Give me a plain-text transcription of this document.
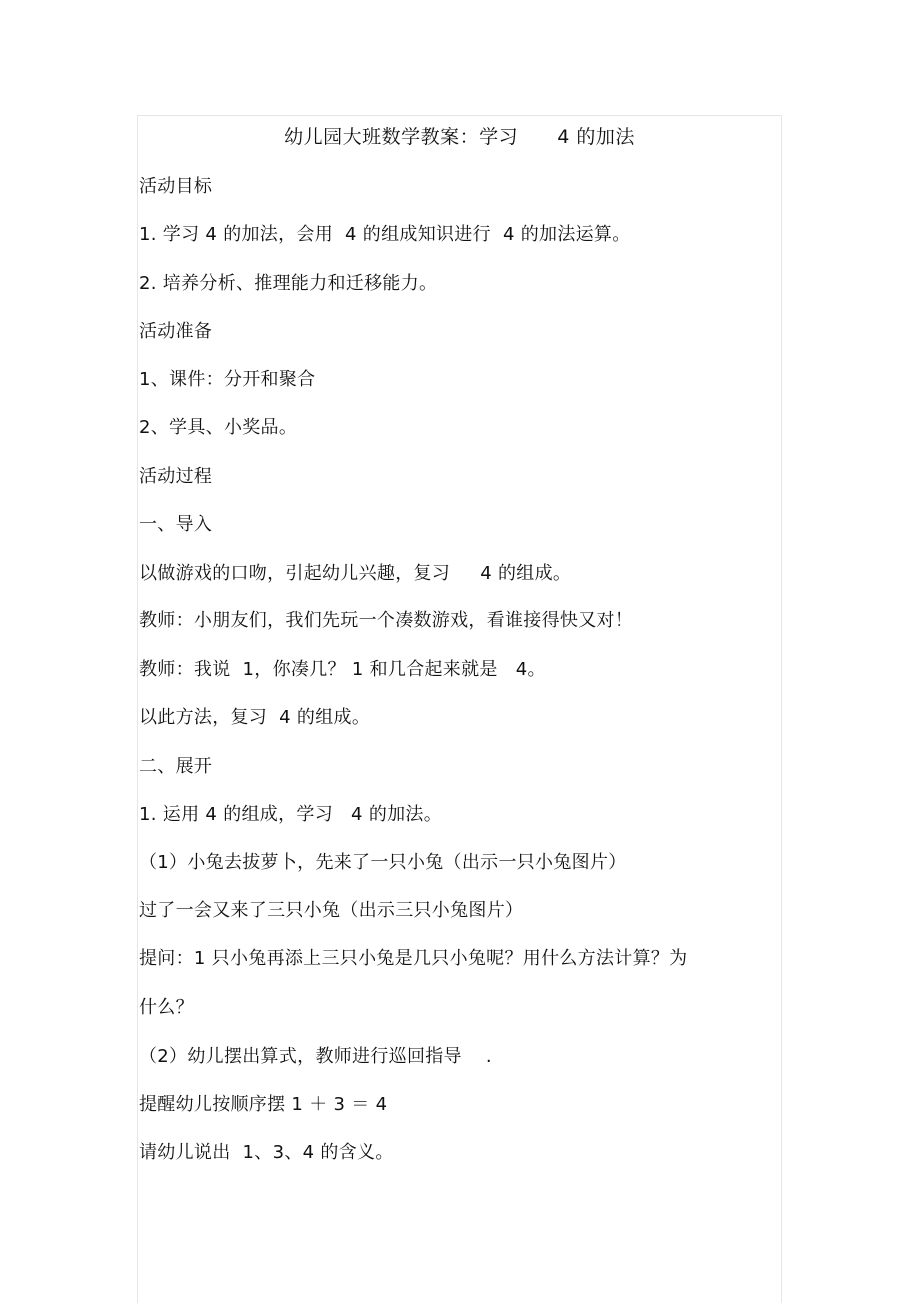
幼儿园大班数学教案：学习      4 的加法
活动目标
1. 学习 4 的加法，会用  4 的组成知识进行  4 的加法运算。
2. 培养分析、推理能力和迁移能力。
活动准备
1、课件：分开和聚合
2、学具、小奖品。
活动过程
一、导入
以做游戏的口吻，引起幼儿兴趣，复习     4 的组成。
教师：小朋友们，我们先玩一个凑数游戏，看谁接得快又对！
教师：我说  1，你凑几？ 1 和几合起来就是   4。
以此方法，复习  4 的组成。
二、展开
1. 运用 4 的组成，学习   4 的加法。
（1）小兔去拔萝卜，先来了一只小兔（出示一只小兔图片）
过了一会又来了三只小兔（出示三只小兔图片）
提问：1 只小兔再添上三只小兔是几只小兔呢？用什么方法计算？为
什么？
（2）幼儿摆出算式，教师进行巡回指导    .
提醒幼儿按顺序摆 1 ＋ 3 ＝ 4
请幼儿说出  1、3、4 的含义。
